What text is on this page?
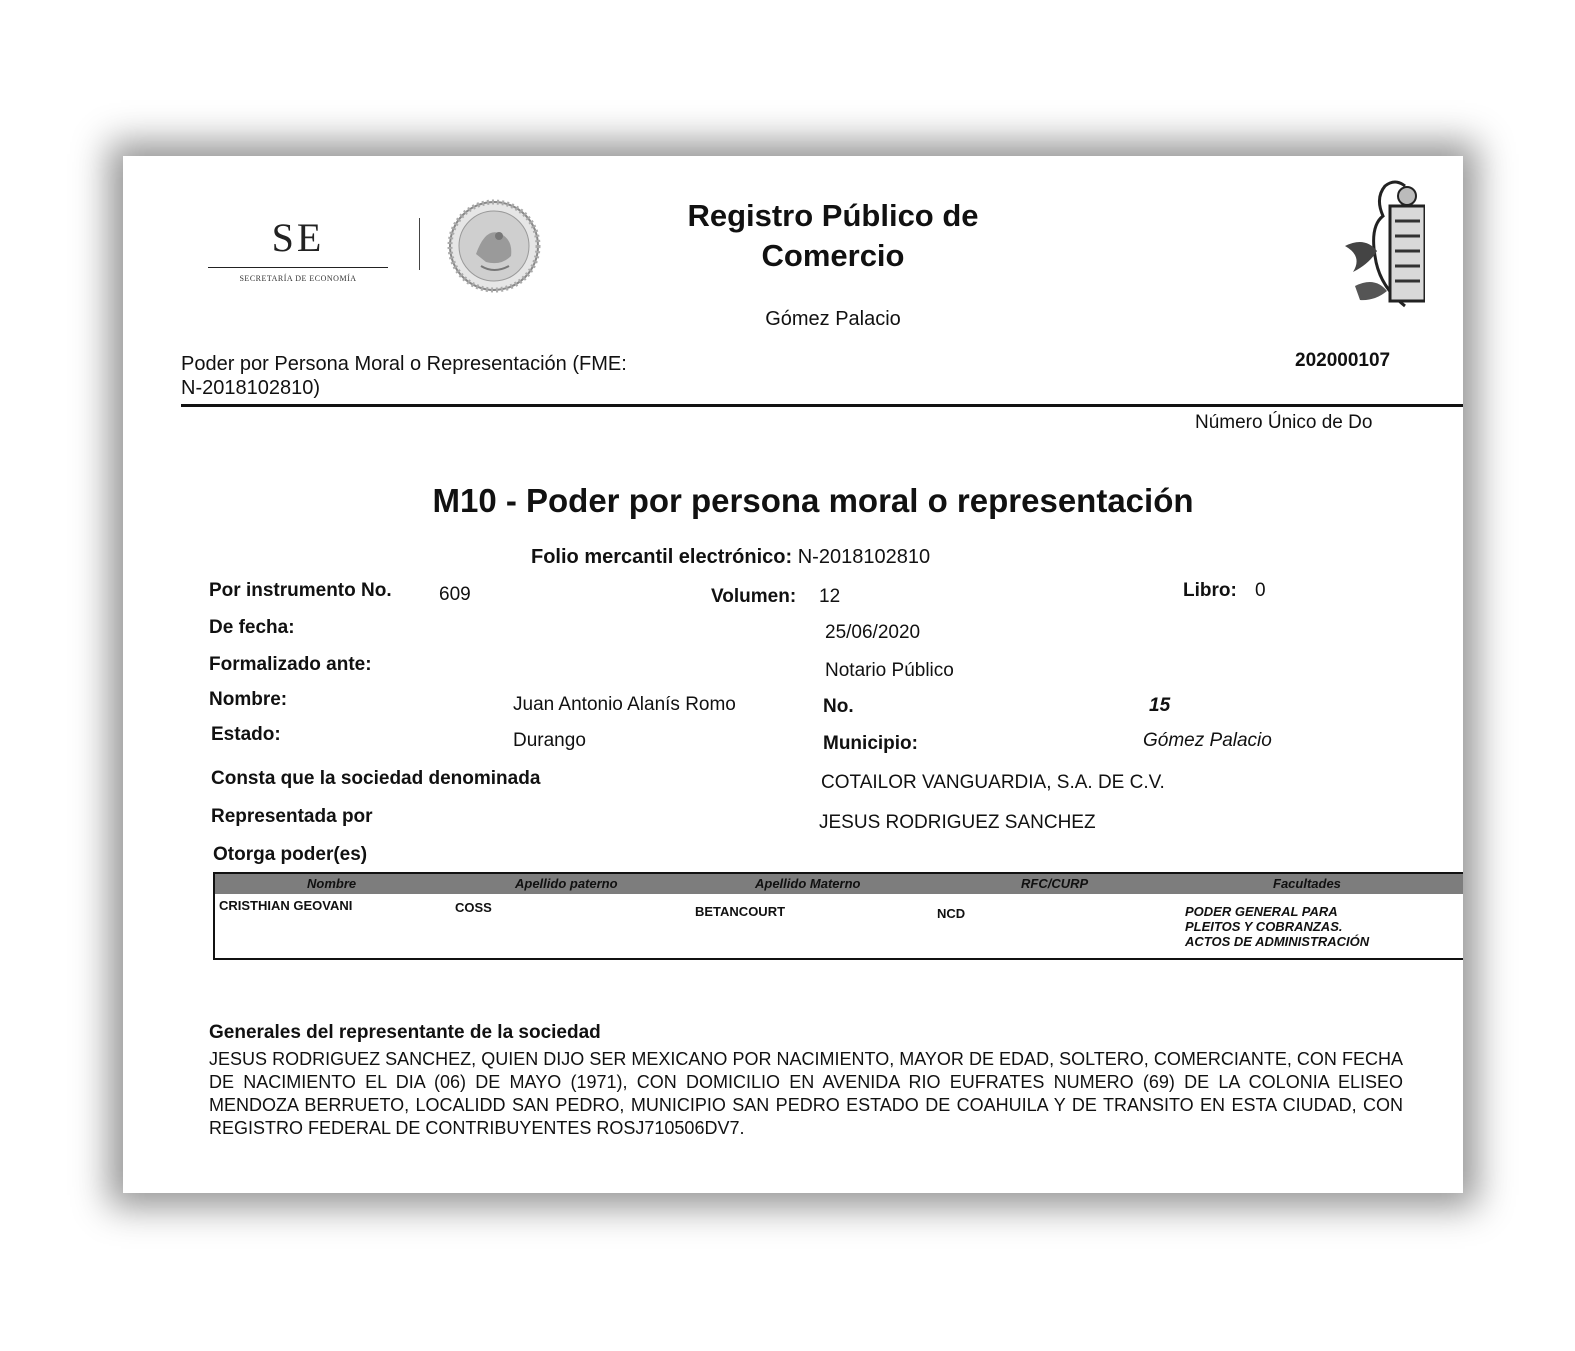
SE
SECRETARÍA DE ECONOMÍA
Registro Público de
Comercio
Gómez Palacio
Poder por Persona Moral o Representación (FME:
N-2018102810)
202000107
Número Único de Do
M10 - Poder por persona moral o representación
Folio mercantil electrónico: N-2018102810
Por instrumento No. 609	Volumen: 12	Libro: 0
De fecha:	25/06/2020
Formalizado ante:	Notario Público
Nombre:	Juan Antonio Alanís Romo	No.	15
Estado:	Durango	Municipio:	Gómez Palacio
Consta que la sociedad denominada	COTAILOR VANGUARDIA, S.A. DE C.V.
Representada por	JESUS RODRIGUEZ SANCHEZ
Otorga poder(es)
Nombre	Apellido paterno	Apellido Materno	RFC/CURP	Facultades
CRISTHIAN GEOVANI	COSS	BETANCOURT	NCD	PODER GENERAL PARA
PLEITOS Y COBRANZAS.
ACTOS DE ADMINISTRACIÓN
Generales del representante de la sociedad
JESUS RODRIGUEZ SANCHEZ, QUIEN DIJO SER MEXICANO POR NACIMIENTO, MAYOR DE EDAD, SOLTERO, COMERCIANTE, CON FECHA DE NACIMIENTO EL DIA (06) DE MAYO (1971), CON DOMICILIO EN AVENIDA RIO EUFRATES NUMERO (69) DE LA COLONIA ELISEO MENDOZA BERRUETO, LOCALIDD SAN PEDRO, MUNICIPIO SAN PEDRO ESTADO DE COAHUILA Y DE TRANSITO EN ESTA CIUDAD, CON REGISTRO FEDERAL DE CONTRIBUYENTES ROSJ710506DV7.
